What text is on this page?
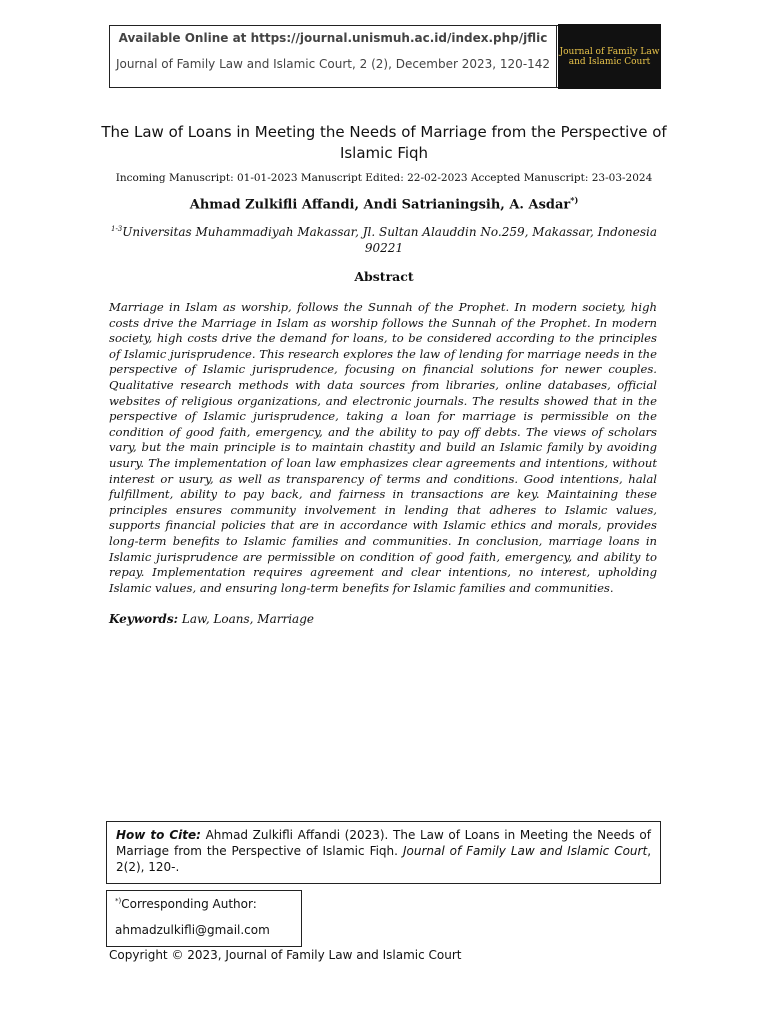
Available Online at https://journal.unismuh.ac.id/index.php/jflic
Journal of Family Law and Islamic Court, 2 (2), December 2023, 120-142
Journal of Family Law
and Islamic Court
The Law of Loans in Meeting the Needs of Marriage from the Perspective of Islamic Fiqh
Incoming Manuscript: 01-01-2023 Manuscript Edited: 22-02-2023 Accepted Manuscript: 23-03-2024
Ahmad Zulkifli Affandi, Andi Satrianingsih, A. Asdar*)
$^{1-3}$Universitas Muhammadiyah Makassar, Jl. Sultan Alauddin No.259, Makassar, Indonesia 90221
Abstract
Marriage in Islam as worship, follows the Sunnah of the Prophet. In modern society, high costs drive the Marriage in Islam as worship follows the Sunnah of the Prophet. In modern society, high costs drive the demand for loans, to be considered according to the principles of Islamic jurisprudence. This research explores the law of lending for marriage needs in the perspective of Islamic jurisprudence, focusing on financial solutions for newer couples. Qualitative research methods with data sources from libraries, online databases, official websites of religious organizations, and electronic journals. The results showed that in the perspective of Islamic jurisprudence, taking a loan for marriage is permissible on the condition of good faith, emergency, and the ability to pay off debts. The views of scholars vary, but the main principle is to maintain chastity and build an Islamic family by avoiding usury. The implementation of loan law emphasizes clear agreements and intentions, without interest or usury, as well as transparency of terms and conditions. Good intentions, halal fulfillment, ability to pay back, and fairness in transactions are key. Maintaining these principles ensures community involvement in lending that adheres to Islamic values, supports financial policies that are in accordance with Islamic ethics and morals, provides long-term benefits to Islamic families and communities. In conclusion, marriage loans in Islamic jurisprudence are permissible on condition of good faith, emergency, and ability to repay. Implementation requires agreement and clear intentions, no interest, upholding Islamic values, and ensuring long-term benefits for Islamic families and communities.
Keywords: Law, Loans, Marriage
How to Cite: Ahmad Zulkifli Affandi (2023). The Law of Loans in Meeting the Needs of Marriage from the Perspective of Islamic Fiqh. Journal of Family Law and Islamic Court, 2(2), 120-.
*)Corresponding Author:
ahmadzulkifli@gmail.com
Copyright © 2023, Journal of Family Law and Islamic Court
